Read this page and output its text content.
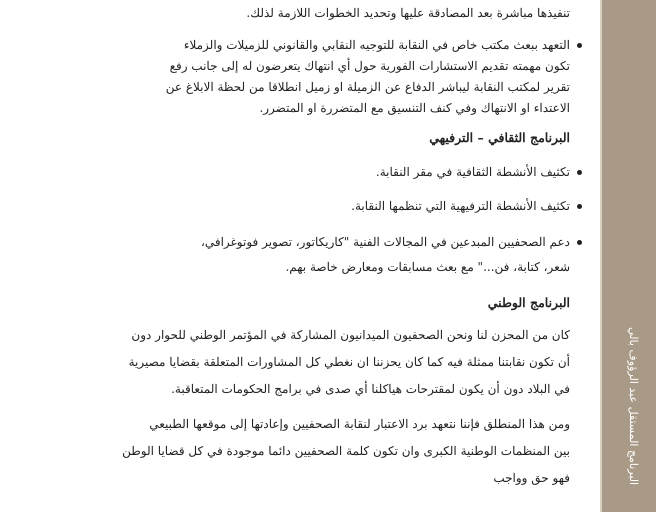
تنفيذها مباشرة بعد المصادقة عليها وتحديد الخطوات اللازمة لذلك.
التعهد ببعث مكتب خاص في النقابة للتوجيه النقابي والقانوني للزميلات والزملاء
تكون مهمته تقديم الاستشارات الفورية حول أي انتهاك يتعرضون له إلى جانب رفع
تقرير لمكتب النقابة ليباشر الدفاع عن الزميلة او زميل انطلاقا من لحظة الابلاغ عن
الاعتداء او الانتهاك وفي كنف التنسيق مع المتضررة او المتضرر.
البرنامج الثقافي – الترفيهي
تكثيف الأنشطة الثقافية في مقر النقابة.
تكثيف الأنشطة الترفيهية التي تنظمها النقابة.
دعم الصحفيين المبدعين في المجالات الفنية "كاريكاتور، تصوير فوتوغرافي،
شعر، كتابة، فن..." مع بعث مسابقات ومعارض خاصة بهم.
البرنامج الوطني
كان من المحزن لنا ونحن الصحفيون الميدانيون المشاركة في المؤتمر الوطني للحوار دون
أن تكون نقابتنا ممثلة فيه كما كان يحزننا ان نغطي كل المشاورات المتعلقة بقضايا مصيرية
في البلاد دون أن يكون لمقترحات هياكلنا أي صدى في برامج الحكومات المتعاقبة.
ومن هذا المنطلق فإننا نتعهد برد الاعتبار لنقابة الصحفيين وإعادتها إلى موقعها الطبيعي
بين المنظمات الوطنية الكبرى وان تكون كلمة الصحفيين دائما موجودة في كل قضايا الوطن
فهو حق وواجب	البرنامج المستقل عبد الرؤوف بالي
